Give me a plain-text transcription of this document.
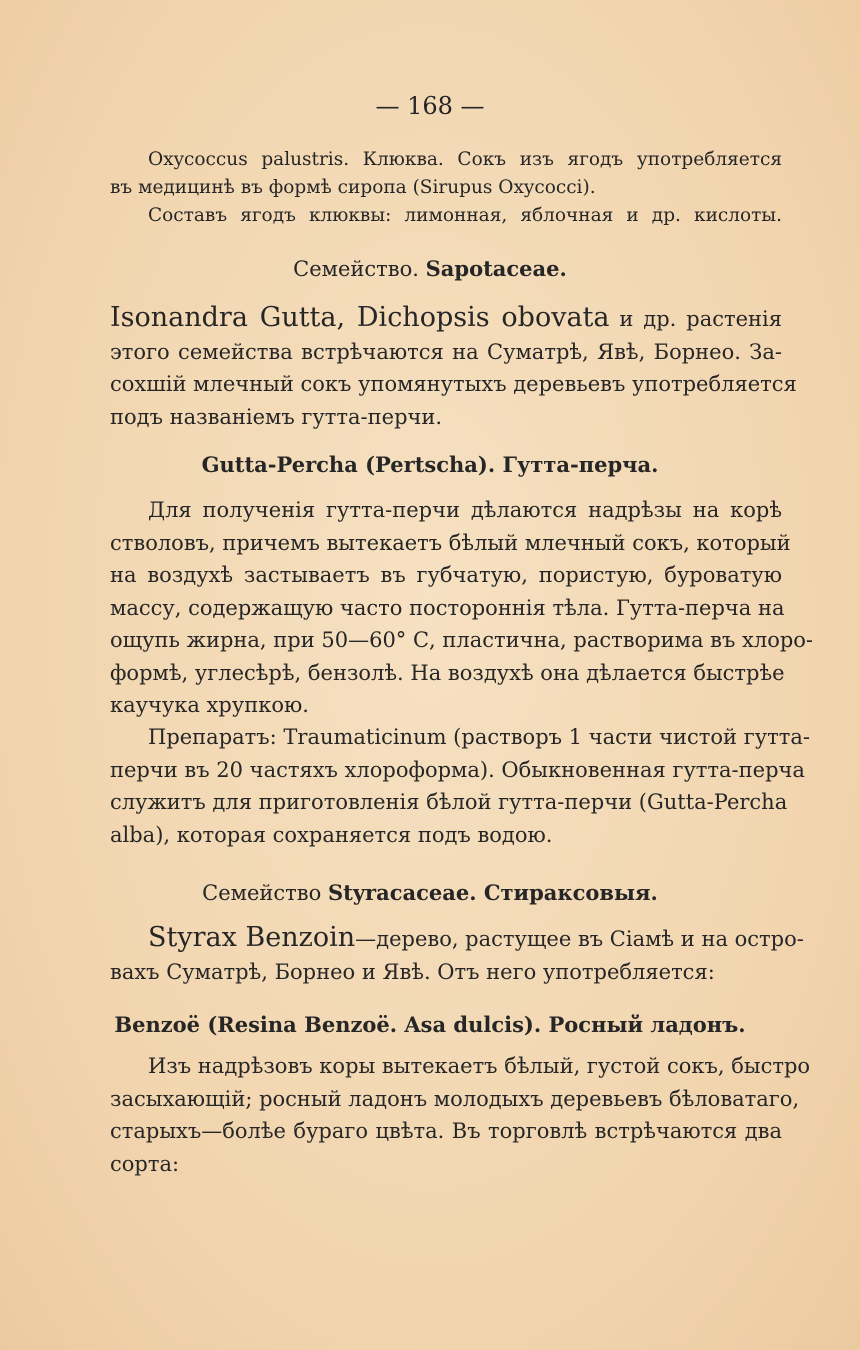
— 168 —
Oxycoccus palustris. Клюква. Сокъ изъ ягодъ употребляется
въ медицинѣ въ формѣ сиропа (Sirupus Oxycocci).
Составъ ягодъ клюквы: лимонная, яблочная и др. кислоты.
Семейство. Sapotaceae.
Isonandra Gutta, Dichopsis obovata и др. растенія
этого семейства встрѣчаются на Суматрѣ, Явѣ, Борнео. За-
сохшій млечный сокъ упомянутыхъ деревьевъ употребляется
подъ названіемъ гутта-перчи.
Gutta-Percha (Pertscha). Гутта-перча.
Для полученія гутта-перчи дѣлаются надрѣзы на корѣ
стволовъ, причемъ вытекаетъ бѣлый млечный сокъ, который
на воздухѣ застываетъ въ губчатую, пористую, буроватую
массу, содержащую часто постороннія тѣла. Гутта-перча на
ощупь жирна, при 50—60° С, пластична, растворима въ хлоро-
формѣ, углесѣрѣ, бензолѣ. На воздухѣ она дѣлается быстрѣе
каучука хрупкою.
Препаратъ: Traumaticinum (растворъ 1 части чистой гутта-
перчи въ 20 частяхъ хлороформа). Обыкновенная гутта-перча
служитъ для приготовленія бѣлой гутта-перчи (Gutta-Percha
alba), которая сохраняется подъ водою.
Семейство Styracaceae. Стираксовыя.
Styrax Benzoin—дерево, растущее въ Сіамѣ и на остро-
вахъ Суматрѣ, Борнео и Явѣ. Отъ него употребляется:
Benzoë (Resina Benzoë. Asa dulcis). Росный ладонъ.
Изъ надрѣзовъ коры вытекаетъ бѣлый, густой сокъ, быстро
засыхающій; росный ладонъ молодыхъ деревьевъ бѣловатаго,
старыхъ—болѣе бураго цвѣта. Въ торговлѣ встрѣчаются два
сорта:
